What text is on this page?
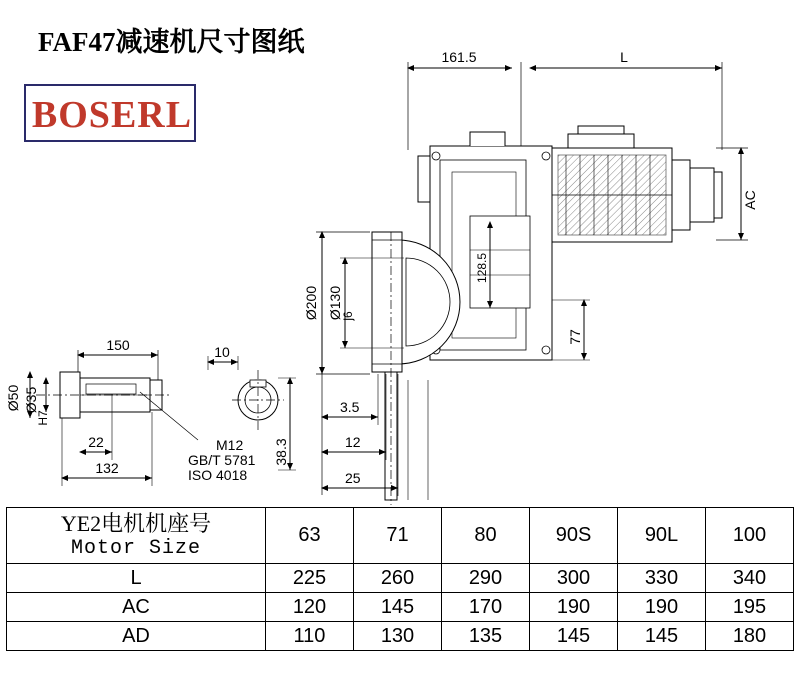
FAF47减速机尺寸图纸
BOSERL
161.5	L
AC
128.5
Ø200 Ø130
j6
77
3.5
12
25
150	10
Ø50 Ø35
H7
22
132
38.3
M12
GB/T 5781
ISO 4018
YE2电机机座号
Motor Size	63	71	80	90S	90L	100
L	225	260	290	300	330	340
AC	120	145	170	190	190	195
AD	110	130	135	145	145	180
